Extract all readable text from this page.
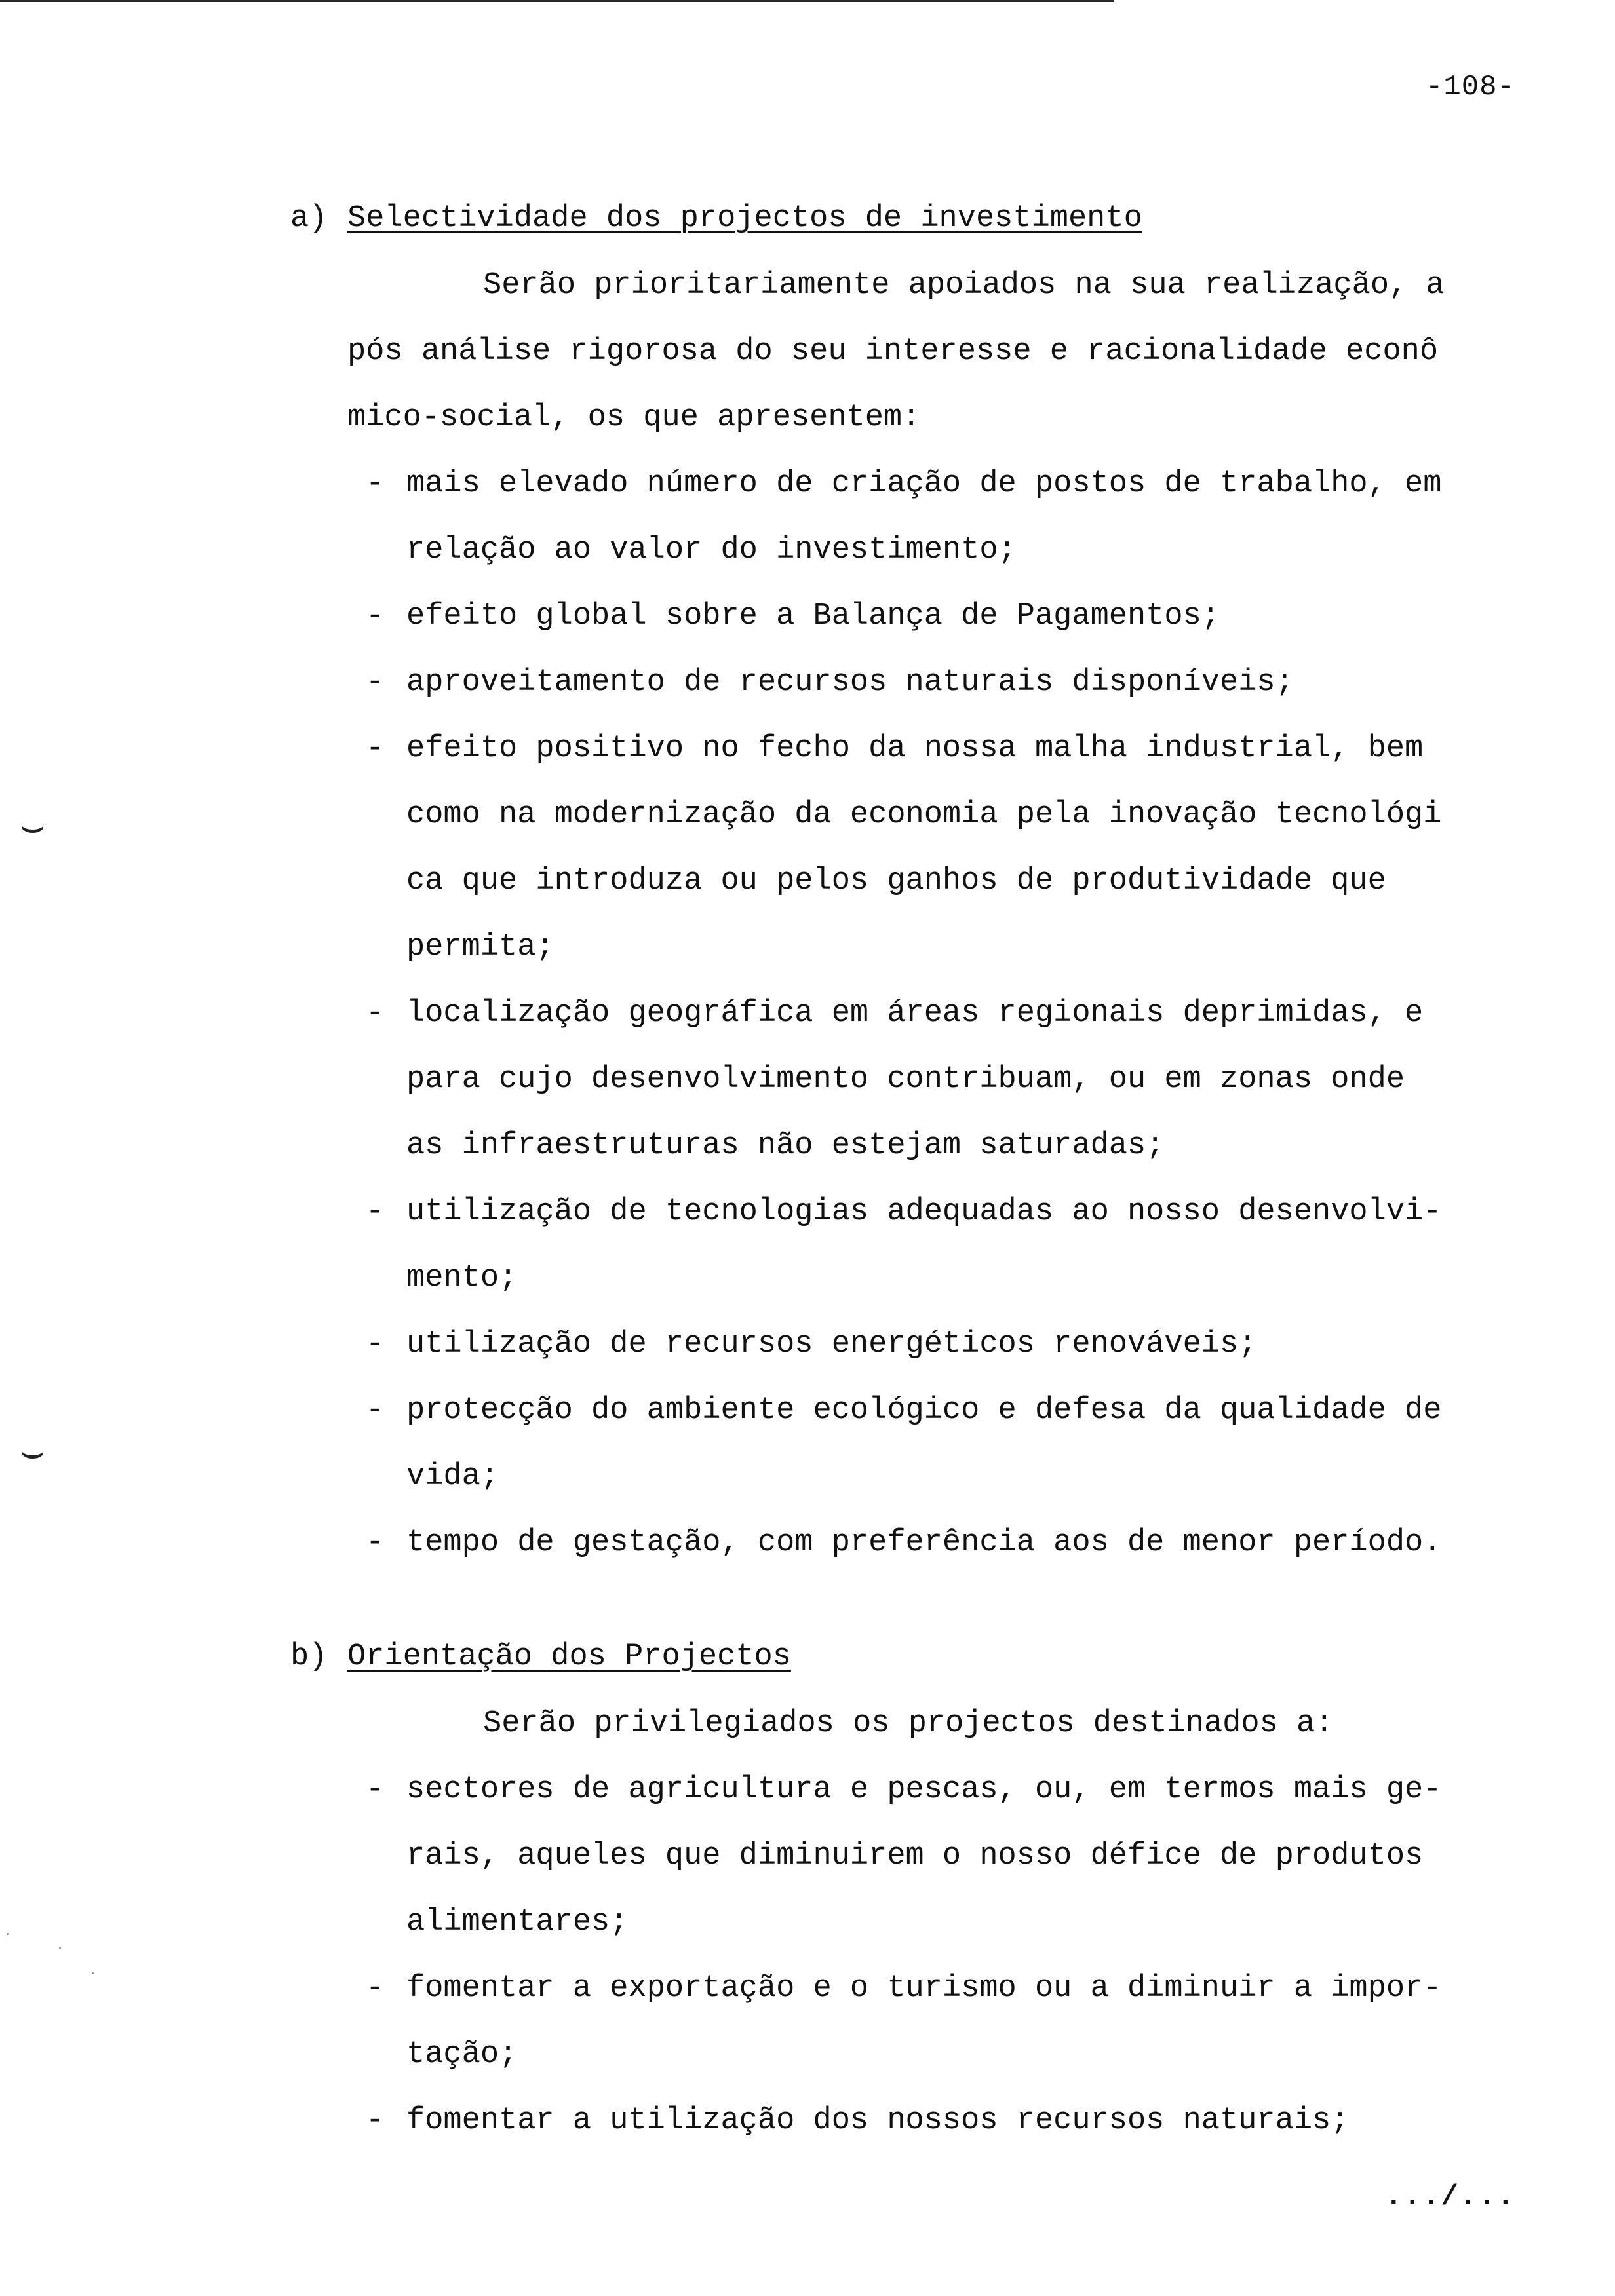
-108-
a) Selectividade dos projectos de investimento
Serão prioritariamente apoiados na sua realização, a
pós análise rigorosa do seu interesse e racionalidade econô
mico-social, os que apresentem:
- mais elevado número de criação de postos de trabalho, em
relação ao valor do investimento;
- efeito global sobre a Balança de Pagamentos;
- aproveitamento de recursos naturais disponíveis;
- efeito positivo no fecho da nossa malha industrial, bem
como na modernização da economia pela inovação tecnológi
ca que introduza ou pelos ganhos de produtividade que
permita;
- localização geográfica em áreas regionais deprimidas, e
para cujo desenvolvimento contribuam, ou em zonas onde
as infraestruturas não estejam saturadas;
- utilização de tecnologias adequadas ao nosso desenvolvi-
mento;
- utilização de recursos energéticos renováveis;
- protecção do ambiente ecológico e defesa da qualidade de
vida;
- tempo de gestação, com preferência aos de menor período.
b) Orientação dos Projectos
Serão privilegiados os projectos destinados a:
- sectores de agricultura e pescas, ou, em termos mais ge-
rais, aqueles que diminuirem o nosso déficе de produtos
alimentares;
- fomentar a exportação e o turismo ou a diminuir a impor-
tação;
- fomentar a utilização dos nossos recursos naturais;
⌣
⌣
.../...
